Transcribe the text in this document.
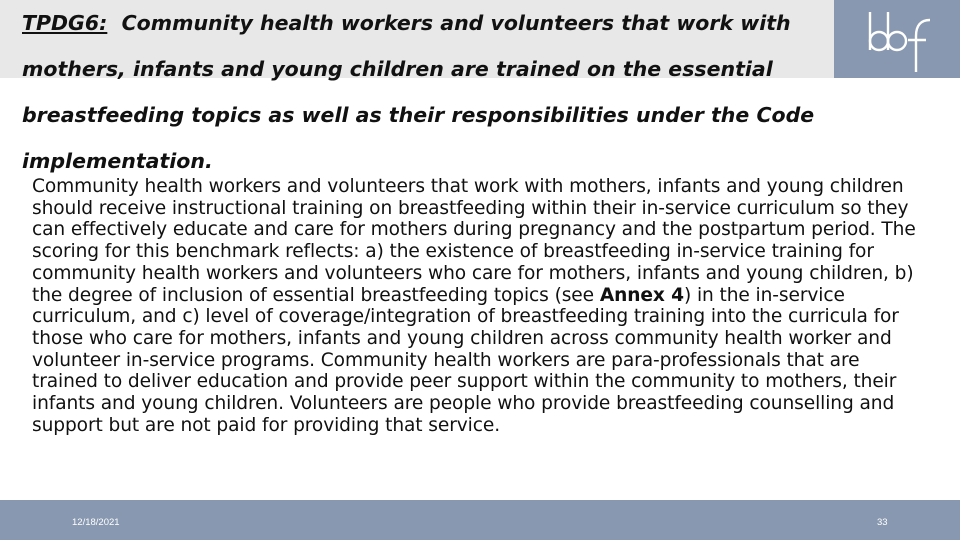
TPDG6: Community health workers and volunteers that work with mothers, infants and young children are trained on the essential breastfeeding topics as well as their responsibilities under the Code implementation.

Community health workers and volunteers that work with mothers, infants and young children should receive instructional training on breastfeeding within their in-service curriculum so they can effectively educate and care for mothers during pregnancy and the postpartum period. The scoring for this benchmark reflects: a) the existence of breastfeeding in-service training for community health workers and volunteers who care for mothers, infants and young children, b) the degree of inclusion of essential breastfeeding topics (see Annex 4) in the in-service curriculum, and c) level of coverage/integration of breastfeeding training into the curricula for those who care for mothers, infants and young children across community health worker and volunteer in-service programs. Community health workers are para-professionals that are trained to deliver education and provide peer support within the community to mothers, their infants and young children. Volunteers are people who provide breastfeeding counselling and support but are not paid for providing that service.

12/18/2021	33
